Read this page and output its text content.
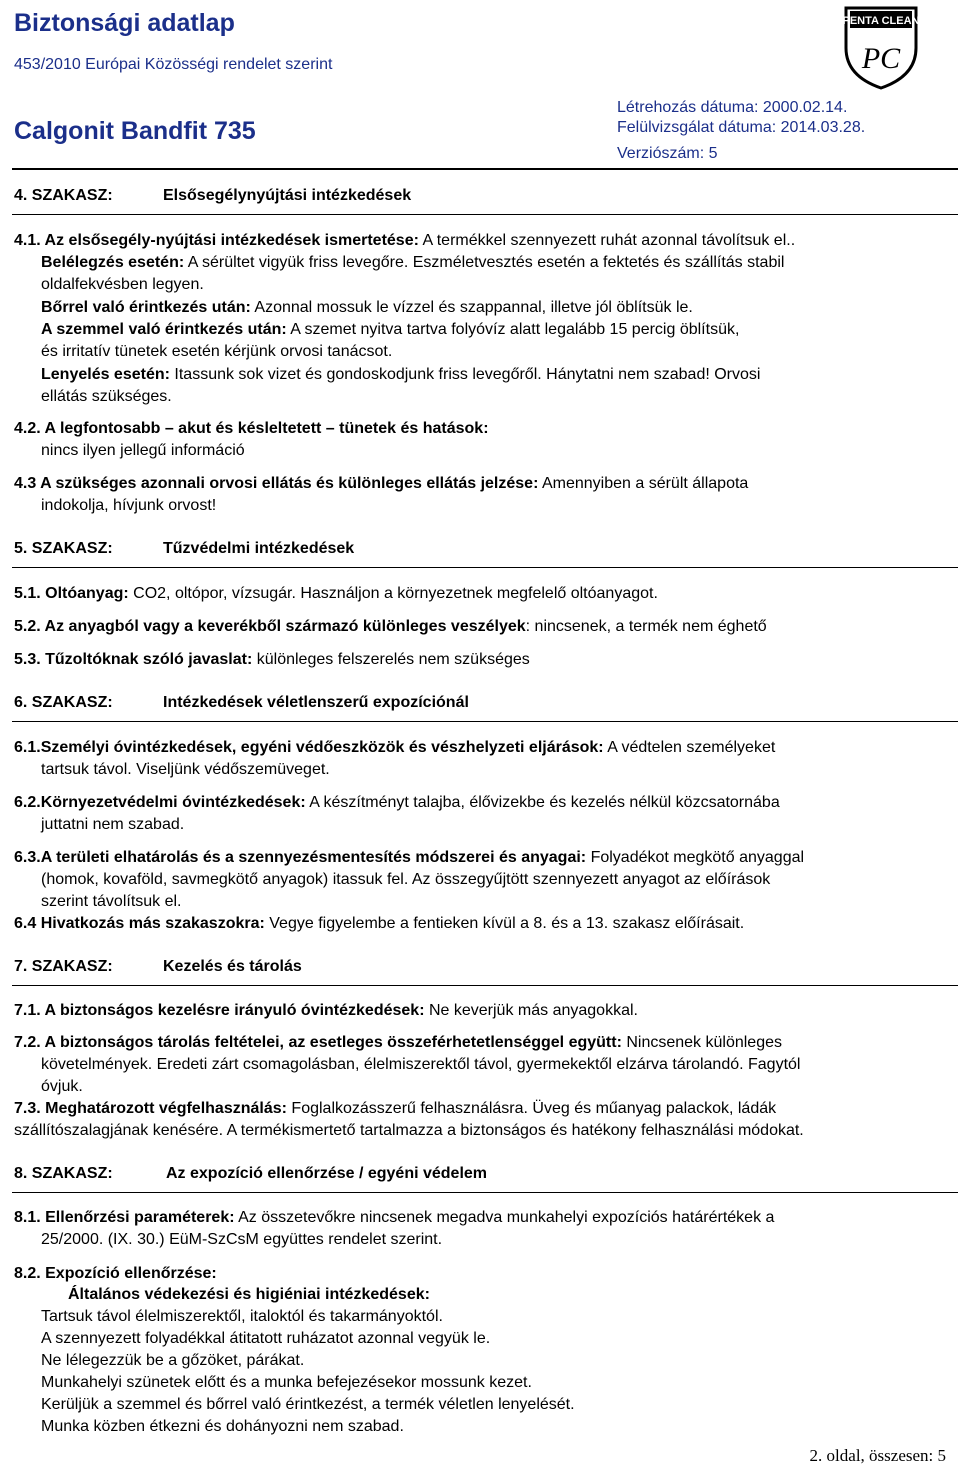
Biztonsági adatlap
453/2010 Európai Közösségi rendelet szerint
Calgonit Bandfit 735
Létrehozás dátuma: 2000.02.14.
Felülvizsgálat dátuma: 2014.03.28.
Verziószám: 5
PENTA CLEAN
PC
4. SZAKASZ:	Elsősegélynyújtási intézkedések
4.1. Az elsősegély-nyújtási intézkedések ismertetése: A termékkel szennyezett ruhát azonnal távolítsuk el..
Belélegzés esetén: A sérültet vigyük friss levegőre. Eszméletvesztés esetén a fektetés és szállítás stabil
oldalfekvésben legyen.
Bőrrel való érintkezés után: Azonnal mossuk le vízzel és szappannal, illetve jól öblítsük le.
A szemmel való érintkezés után: A szemet nyitva tartva folyóvíz alatt legalább 15 percig öblítsük,
és irritatív tünetek esetén kérjünk orvosi tanácsot.
Lenyelés esetén: Itassunk sok vizet és gondoskodjunk friss levegőről. Hánytatni nem szabad! Orvosi
ellátás szükséges.
4.2. A legfontosabb – akut és késleltetett – tünetek és hatások:
nincs ilyen jellegű információ
4.3 A szükséges azonnali orvosi ellátás és különleges ellátás jelzése: Amennyiben a sérült állapota
indokolja, hívjunk orvost!
5. SZAKASZ:	Tűzvédelmi intézkedések
5.1. Oltóanyag: CO2, oltópor, vízsugár. Használjon a környezetnek megfelelő oltóanyagot.
5.2. Az anyagból vagy a keverékből származó különleges veszélyek: nincsenek, a termék nem éghető
5.3. Tűzoltóknak szóló javaslat: különleges felszerelés nem szükséges
6. SZAKASZ:	Intézkedések véletlenszerű expozíciónál
6.1.Személyi óvintézkedések, egyéni védőeszközök és vészhelyzeti eljárások: A védtelen személyeket
tartsuk távol. Viseljünk védőszemüveget.
6.2.Környezetvédelmi óvintézkedések: A készítményt talajba, élővizekbe és kezelés nélkül közcsatornába
juttatni nem szabad.
6.3.A területi elhatárolás és a szennyezésmentesítés módszerei és anyagai: Folyadékot megkötő anyaggal
(homok, kovaföld, savmegkötő anyagok) itassuk fel. Az összegyűjtött szennyezett anyagot az előírások
szerint távolítsuk el.
6.4 Hivatkozás más szakaszokra: Vegye figyelembe a fentieken kívül a 8. és a 13. szakasz előírásait.
7. SZAKASZ:	Kezelés és tárolás
7.1. A biztonságos kezelésre irányuló óvintézkedések: Ne keverjük más anyagokkal.
7.2. A biztonságos tárolás feltételei, az esetleges összeférhetetlenséggel együtt: Nincsenek különleges
követelmények. Eredeti zárt csomagolásban, élelmiszerektől távol, gyermekektől elzárva tárolandó. Fagytól
óvjuk.
7.3. Meghatározott végfelhasználás: Foglalkozásszerű felhasználásra. Üveg és műanyag palackok, ládák
szállítószalagjának kenésére. A termékismertető tartalmazza a biztonságos és hatékony felhasználási módokat.
8. SZAKASZ:	Az expozíció ellenőrzése / egyéni védelem
8.1. Ellenőrzési paraméterek: Az összetevőkre nincsenek megadva munkahelyi expozíciós határértékek a
25/2000. (IX. 30.) EüM-SzCsM együttes rendelet szerint.
8.2. Expozíció ellenőrzése:
Általános védekezési és higiéniai intézkedések:
Tartsuk távol élelmiszerektől, italoktól és takarmányoktól.
A szennyezett folyadékkal átitatott ruházatot azonnal vegyük le.
Ne lélegezzük be a gőzöket, párákat.
Munkahelyi szünetek előtt és a munka befejezésekor mossunk kezet.
Kerüljük a szemmel és bőrrel való érintkezést, a termék véletlen lenyelését.
Munka közben étkezni és dohányozni nem szabad.
2. oldal, összesen: 5
